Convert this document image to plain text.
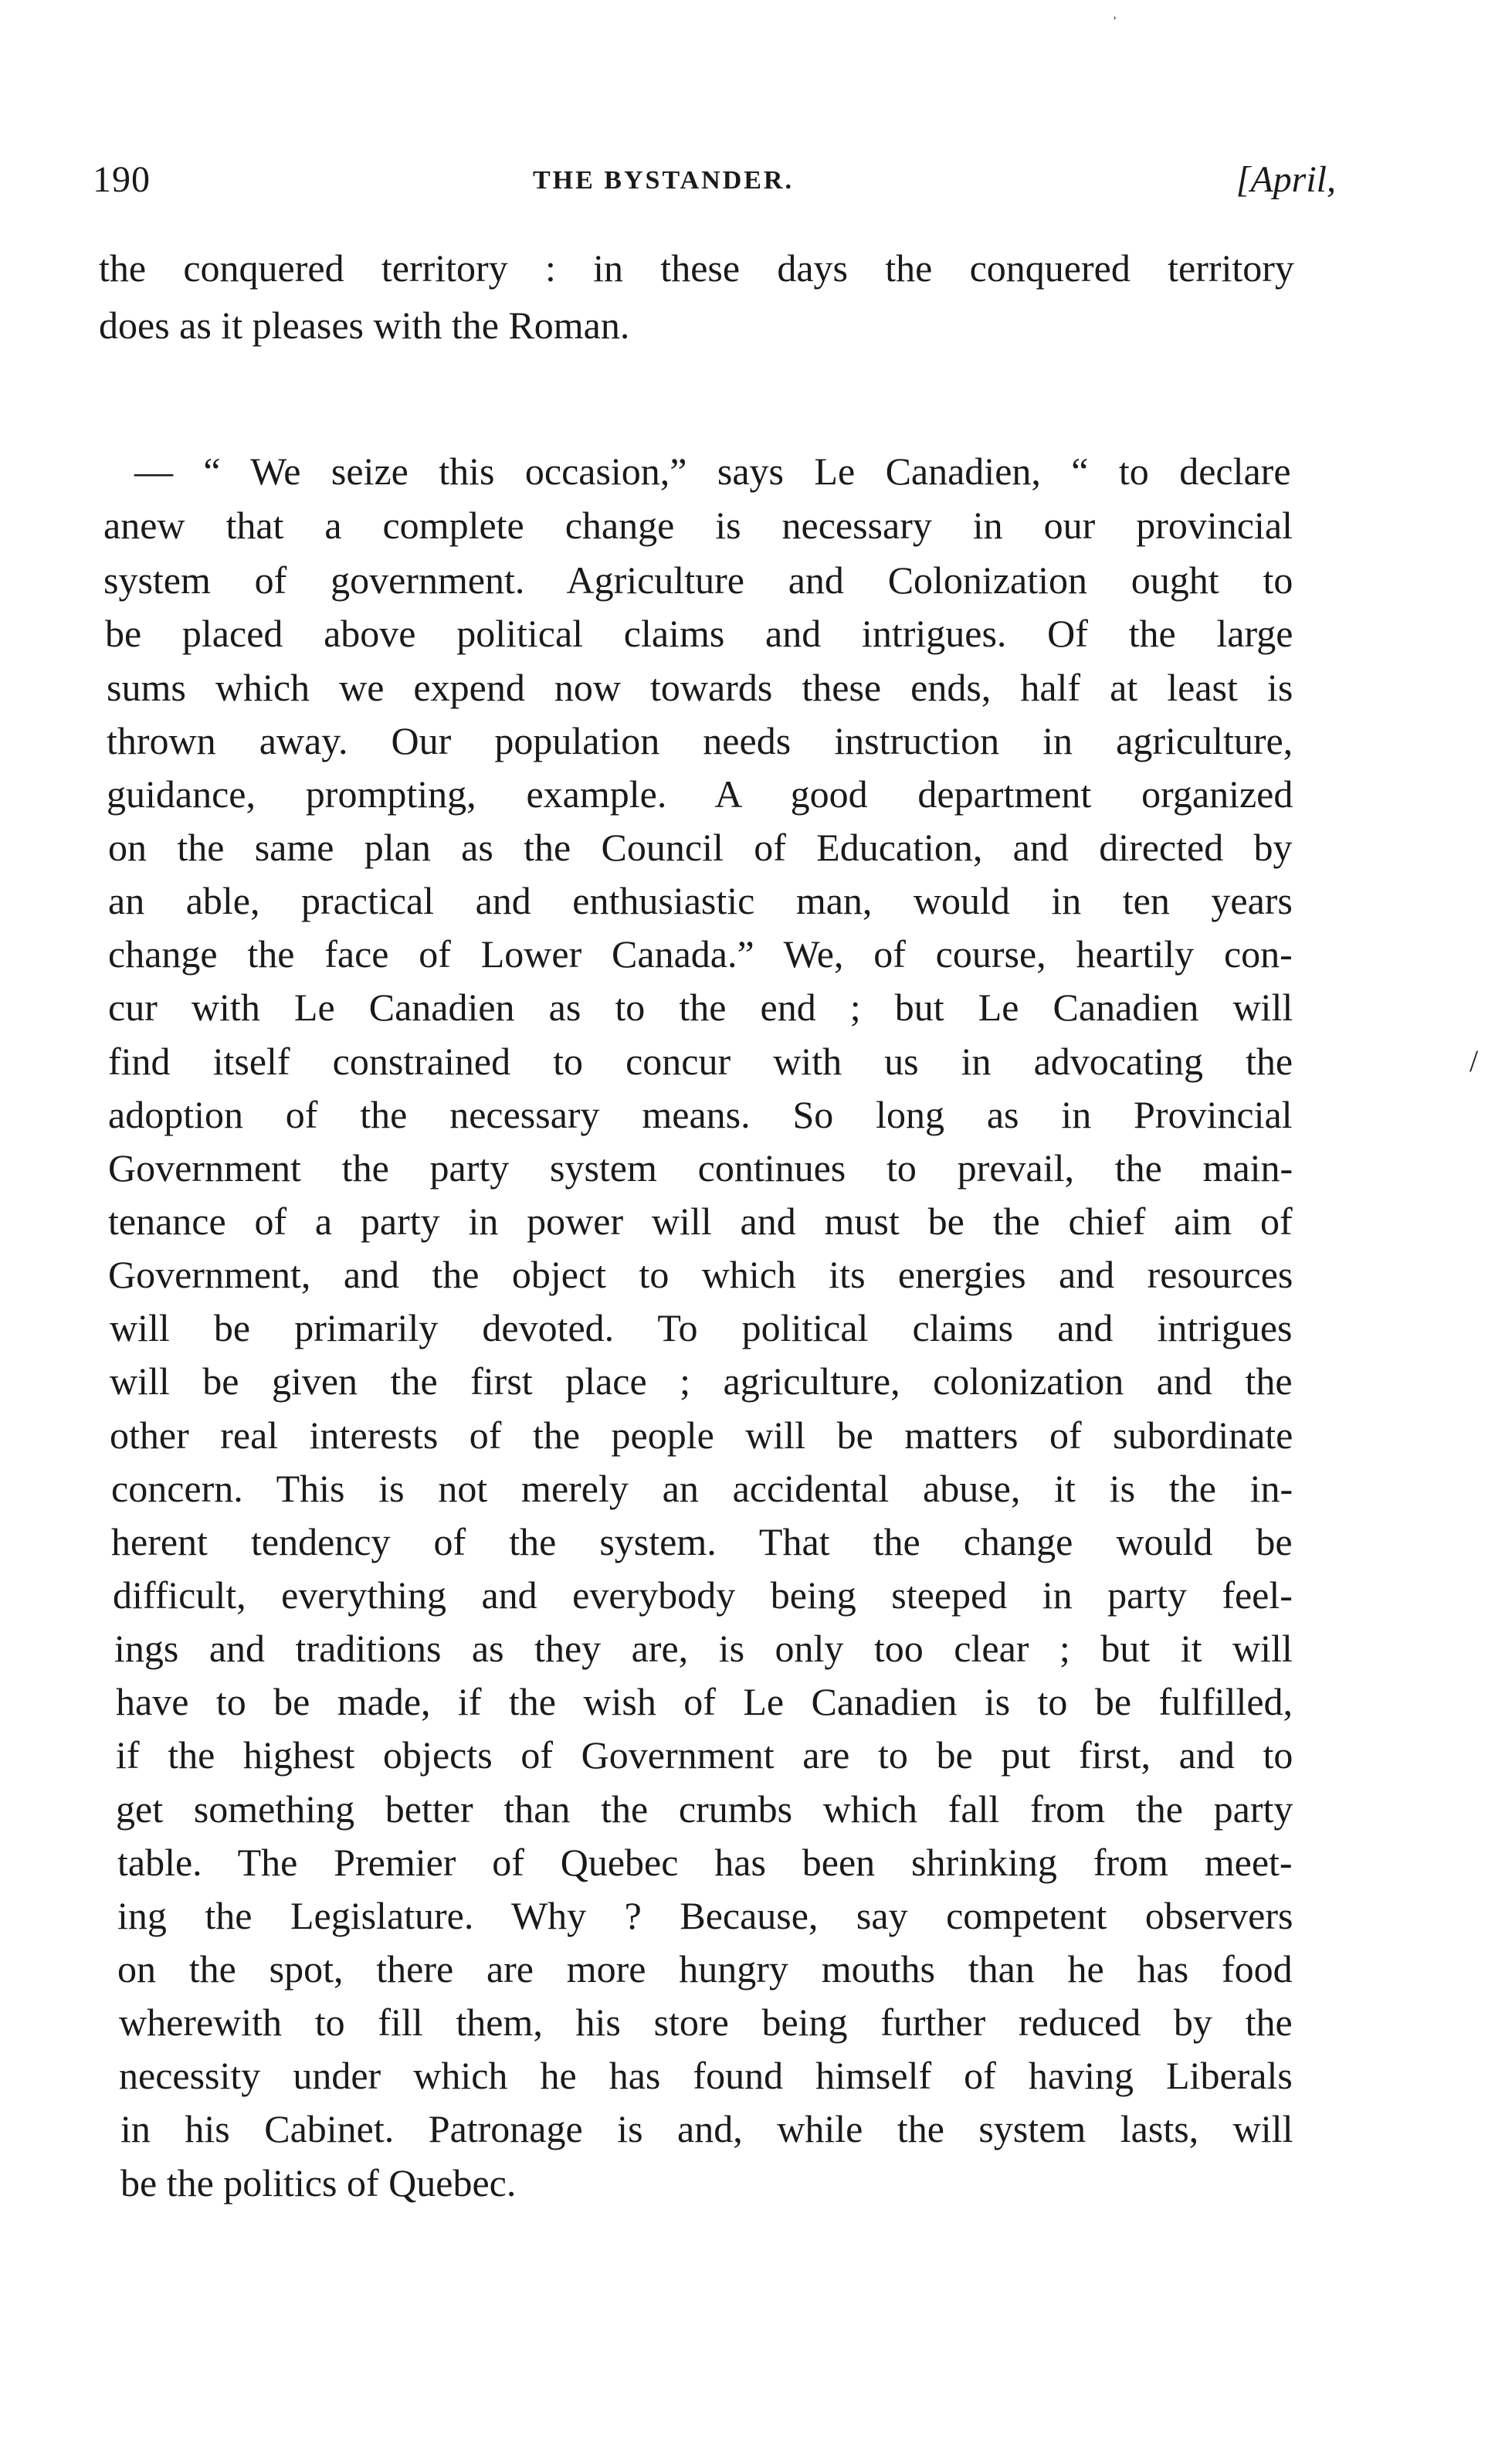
190	THE BYSTANDER.	[April,
ˌ
/
the conquered territory : in these days the conquered territory
does as it pleases with the Roman.
— “ We seize this occasion,” says Le Canadien, “ to declare
anew that a complete change is necessary in our provincial
system of government. Agriculture and Colonization ought to
be placed above political claims and intrigues. Of the large
sums which we expend now towards these ends, half at least is
thrown away. Our population needs instruction in agriculture,
guidance, prompting, example. A good department organized
on the same plan as the Council of Education, and directed by
an able, practical and enthusiastic man, would in ten years
change the face of Lower Canada.” We, of course, heartily con-
cur with Le Canadien as to the end ; but Le Canadien will
find itself constrained to concur with us in advocating the
adoption of the necessary means. So long as in Provincial
Government the party system continues to prevail, the main-
tenance of a party in power will and must be the chief aim of
Government, and the object to which its energies and resources
will be primarily devoted. To political claims and intrigues
will be given the first place ; agriculture, colonization and the
other real interests of the people will be matters of subordinate
concern. This is not merely an accidental abuse, it is the in-
herent tendency of the system. That the change would be
difficult, everything and everybody being steeped in party feel-
ings and traditions as they are, is only too clear ; but it will
have to be made, if the wish of Le Canadien is to be fulfilled,
if the highest objects of Government are to be put first, and to
get something better than the crumbs which fall from the party
table. The Premier of Quebec has been shrinking from meet-
ing the Legislature. Why ? Because, say competent observers
on the spot, there are more hungry mouths than he has food
wherewith to fill them, his store being further reduced by the
necessity under which he has found himself of having Liberals
in his Cabinet. Patronage is and, while the system lasts, will
be the politics of Quebec.
